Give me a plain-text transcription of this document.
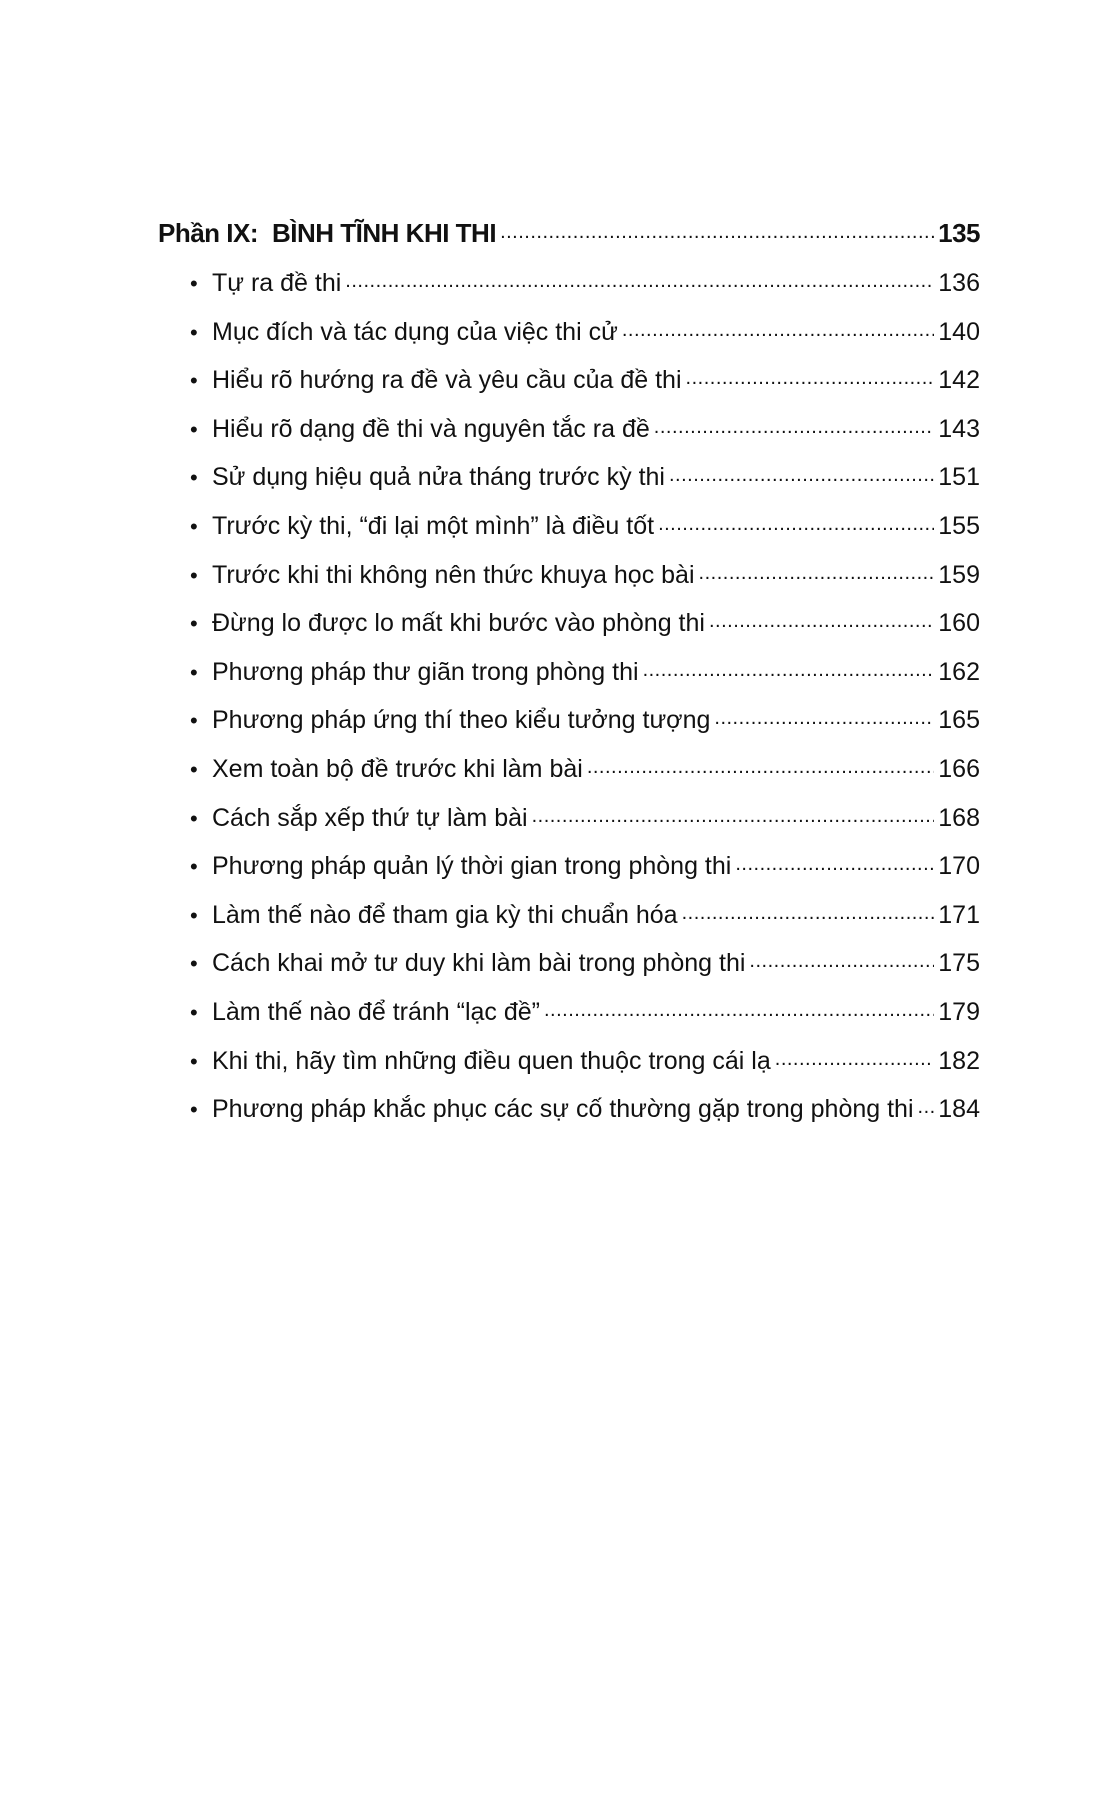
Phần IX: BÌNH TĨNH KHI THI .....	135
• Tự ra đề thi .....	136
• Mục đích và tác dụng của việc thi cử .....	140
• Hiểu rõ hướng ra đề và yêu cầu của đề thi .....	142
• Hiểu rõ dạng đề thi và nguyên tắc ra đề .....	143
• Sử dụng hiệu quả nửa tháng trước kỳ thi .....	151
• Trước kỳ thi, “đi lại một mình” là điều tốt .....	155
• Trước khi thi không nên thức khuya học bài .....	159
• Đừng lo được lo mất khi bước vào phòng thi .....	160
• Phương pháp thư giãn trong phòng thi .....	162
• Phương pháp ứng thí theo kiểu tưởng tượng .....	165
• Xem toàn bộ đề trước khi làm bài .....	166
• Cách sắp xếp thứ tự làm bài .....	168
• Phương pháp quản lý thời gian trong phòng thi .....	170
• Làm thế nào để tham gia kỳ thi chuẩn hóa .....	171
• Cách khai mở tư duy khi làm bài trong phòng thi .....	175
• Làm thế nào để tránh “lạc đề” .....	179
• Khi thi, hãy tìm những điều quen thuộc trong cái lạ .....	182
• Phương pháp khắc phục các sự cố thường gặp trong phòng thi ..... 184
